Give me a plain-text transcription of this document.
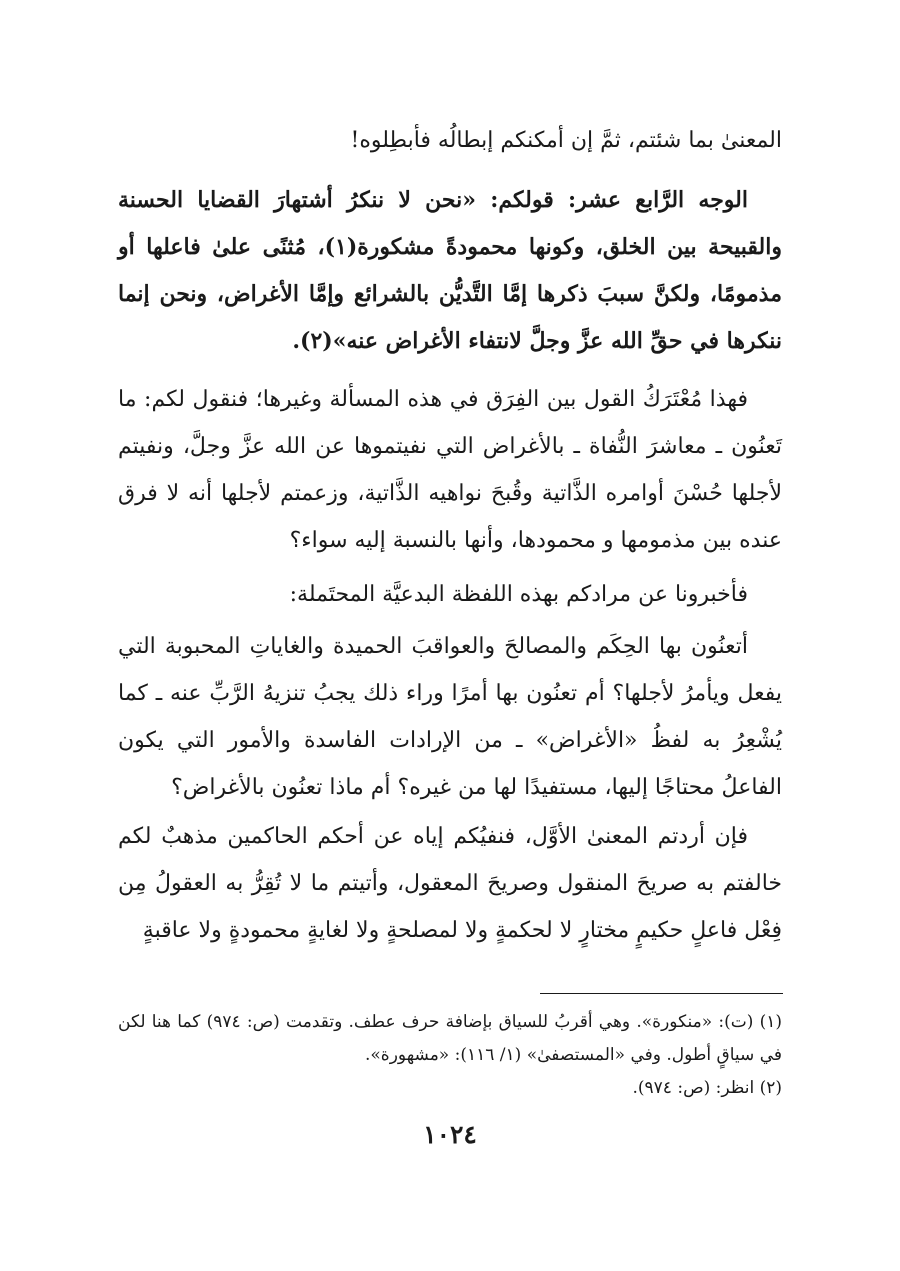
المعنىٰ بما شئتم، ثمَّ إن أمكنكم إبطالُه فأبطِلوه!

الوجه الرَّابع عشر: قولكم: «نحن لا ننكرُ أشتهارَ القضايا الحسنة والقبيحة بين الخلق، وكونها محمودةً مشكورة(١)، مُثنًى علىٰ فاعلها أو مذمومًا، ولكنَّ سببَ ذكرها إمَّا التَّديُّن بالشرائع وإمَّا الأغراض، ونحن إنما ننكرها في حقِّ الله عزَّ وجلَّ لانتفاء الأغراض عنه»(٢).

فهذا مُعْتَرَكُ القول بين الفِرَق في هذه المسألة وغيرها؛ فنقول لكم: ما تَعنُون ـ معاشرَ النُّفاة ـ بالأغراض التي نفيتموها عن الله عزَّ وجلَّ، ونفيتم لأجلها حُسْنَ أوامره الذَّاتية وقُبحَ نواهيه الذَّاتية، وزعمتم لأجلها أنه لا فرق عنده بين مذمومها و محمودها، وأنها بالنسبة إليه سواء؟

فأخبرونا عن مرادكم بهذه اللفظة البدعيَّة المحتَملة:

أتعنُون بها الحِكَم والمصالحَ والعواقبَ الحميدة والغاياتِ المحبوبة التي يفعل ويأمرُ لأجلها؟ أم تعنُون بها أمرًا وراء ذلك يجبُ تنزيهُ الرَّبِّ عنه ـ كما يُشْعِرُ به لفظُ «الأغراض» ـ من الإرادات الفاسدة والأمور التي يكون الفاعلُ محتاجًا إليها، مستفيدًا لها من غيره؟ أم ماذا تعنُون بالأغراض؟

فإن أردتم المعنىٰ الأوَّل، فنفيُكم إياه عن أحكم الحاكمين مذهبٌ لكم خالفتم به صريحَ المنقول وصريحَ المعقول، وأتيتم ما لا تُقِرُّ به العقولُ مِن فِعْل فاعلٍ حكيمٍ مختارٍ لا لحكمةٍ ولا لمصلحةٍ ولا لغايةٍ محمودةٍ ولا عاقبةٍ

(١) (ت): «منكورة». وهي أقربُ للسياق بإضافة حرف عطف. وتقدمت (ص: ٩٧٤) كما هنا لكن في سياقٍ أطول. وفي «المستصفىٰ» (١/ ١١٦): «مشهورة».

(٢) انظر: (ص: ٩٧٤).

١٠٢٤
